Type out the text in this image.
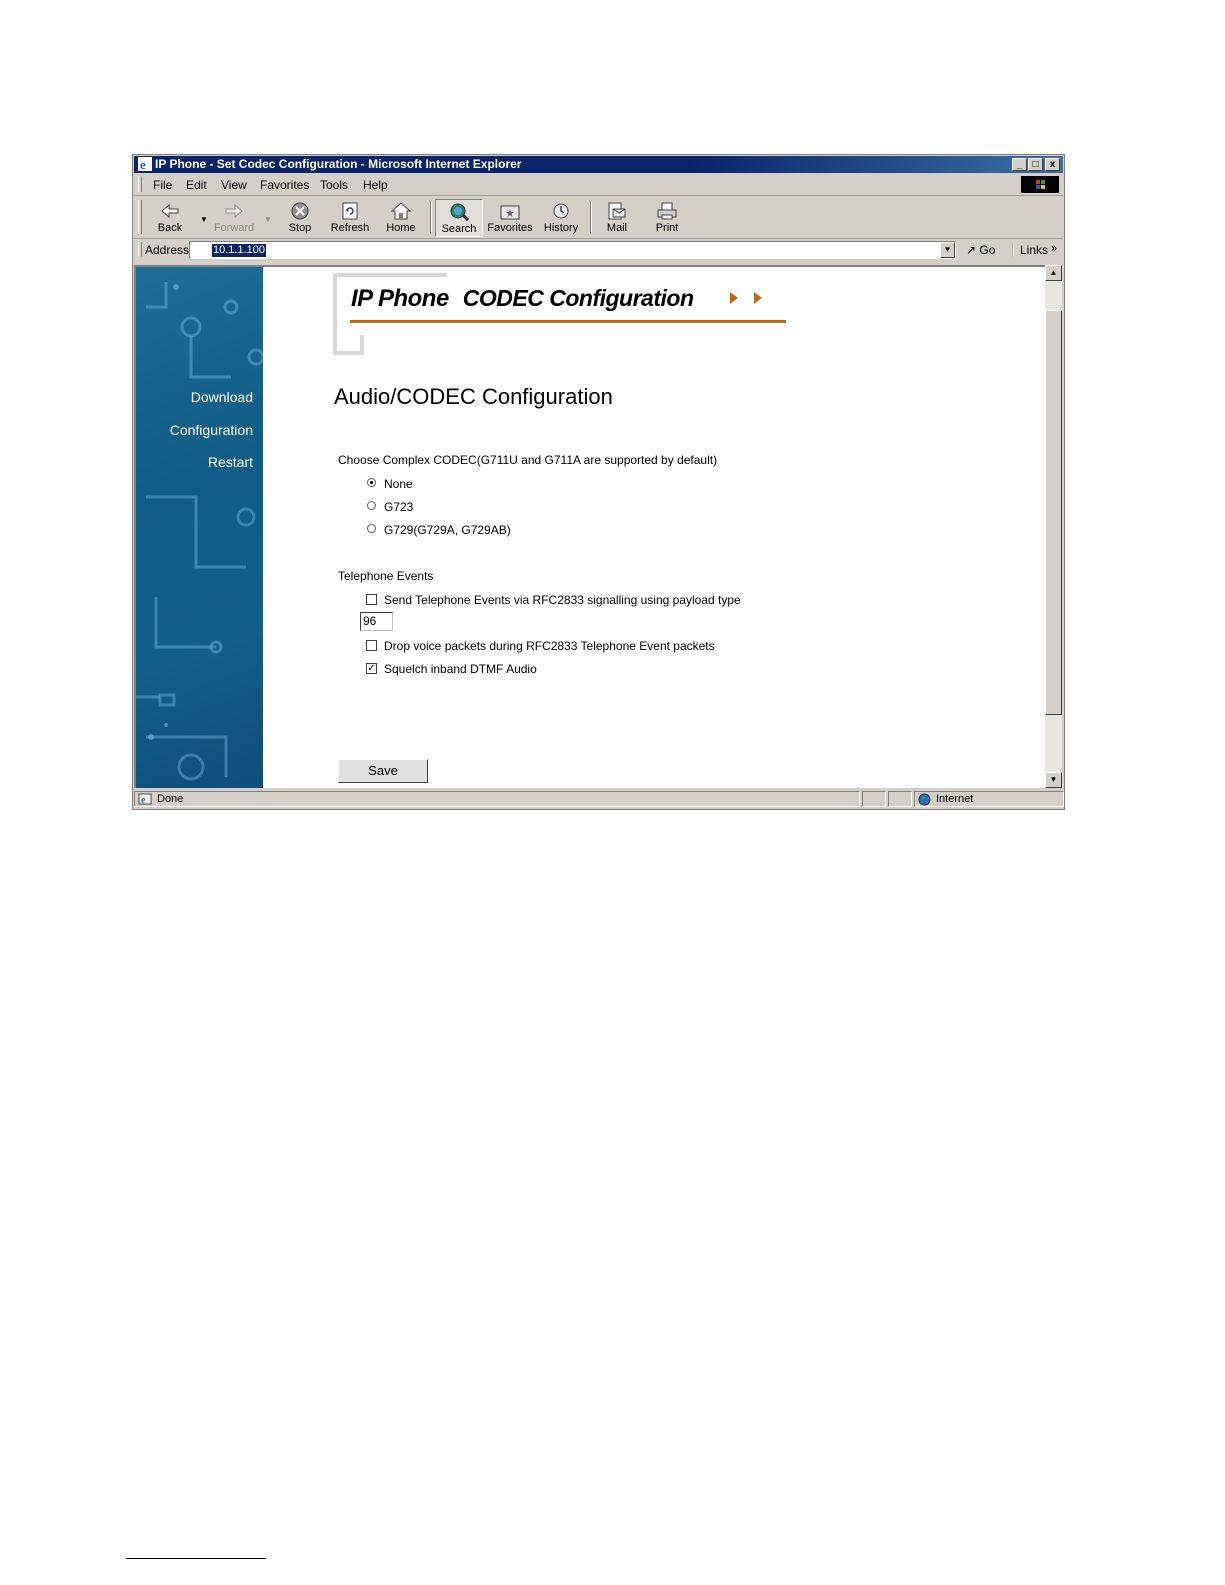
e IP Phone - Set Codec Configuration - Microsoft Internet Explorer	_ □ x
File Edit View Favorites Tools Help
Back
▼
Forward
▼
Stop	Refresh	Home	Search Favorites	History	Mail	Print
Address 10.1.1.100	▼ ↗ Go	Links »
Download
Configuration
Restart
IP Phone CODEC Configuration
Audio/CODEC Configuration
Choose Complex CODEC(G711U and G711A are supported by default)
None
G723
G729(G729A, G729AB)
Telephone Events
Send Telephone Events via RFC2833 signalling using payload type
96
Drop voice packets during RFC2833 Telephone Event packets
✓ Squelch inband DTMF Audio
Save
▲
▼
e Done	Internet
